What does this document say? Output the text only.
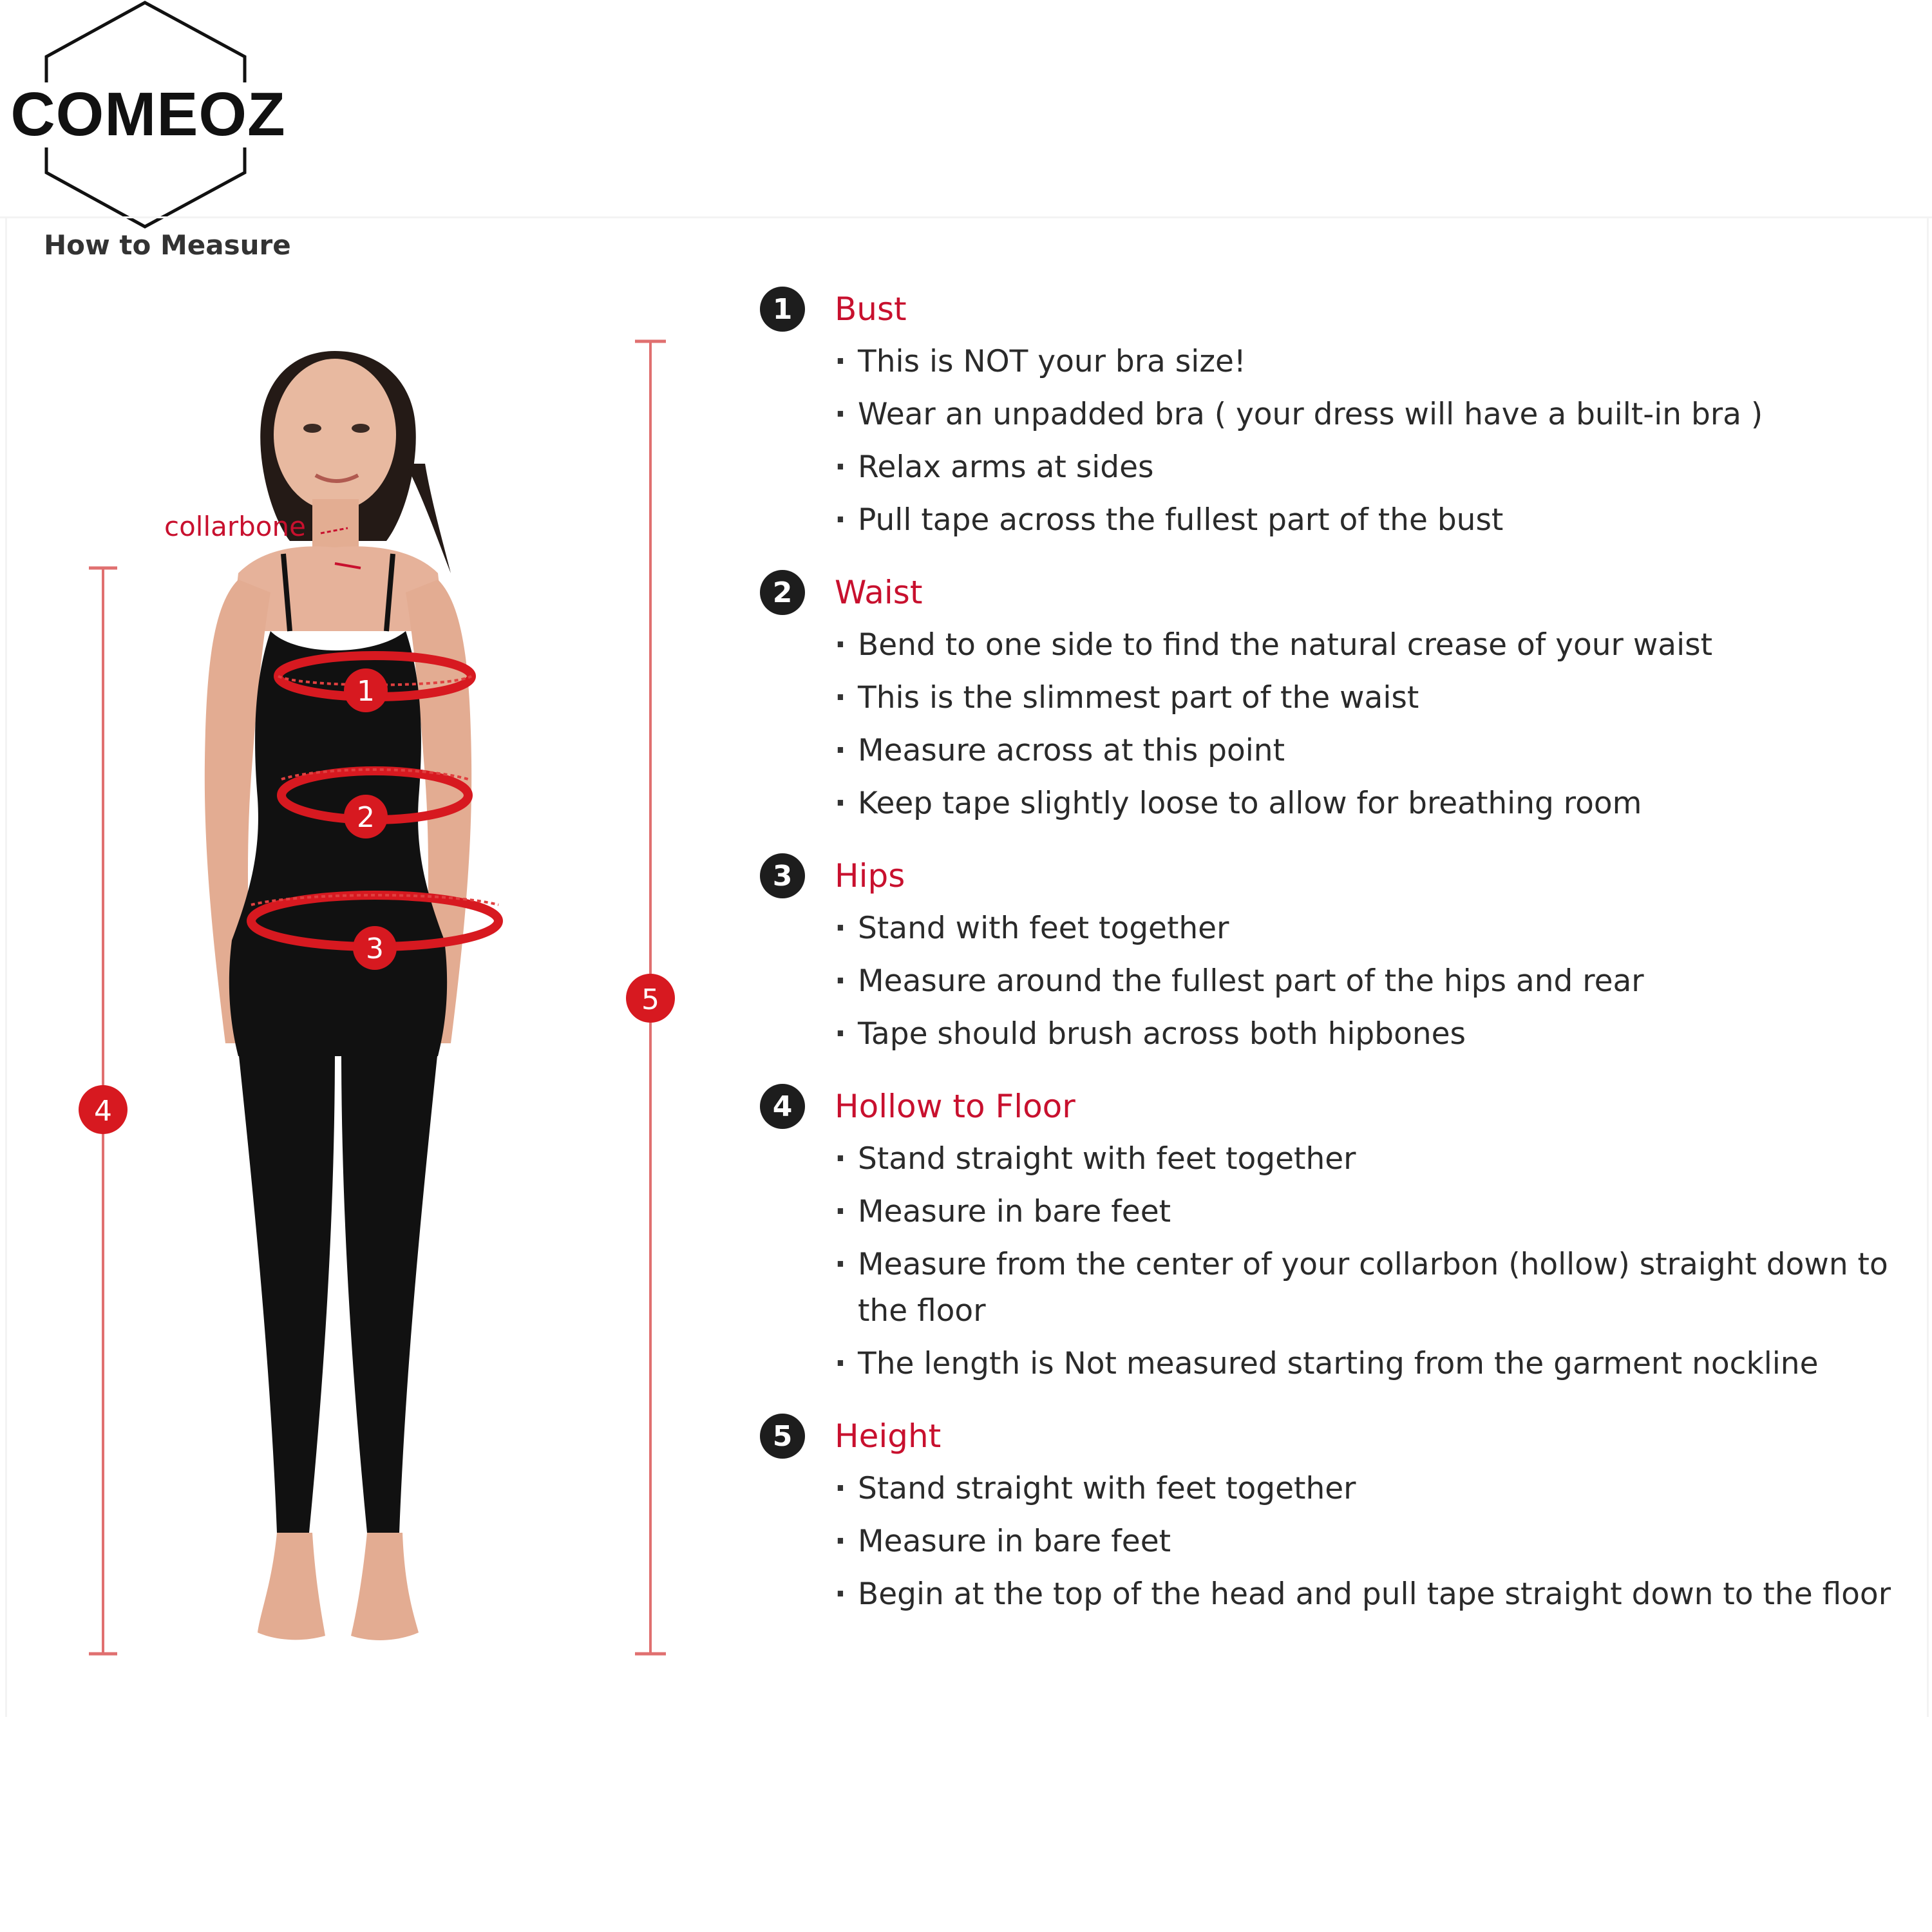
COMEOZ
How to Measure
collarbone
1
2
3
4
5
1	Bust
· This is NOT your bra size!
· Wear an unpadded bra ( your dress will have a built-in bra )
· Relax arms at sides
· Pull tape across the fullest part of the bust
2	Waist
· Bend to one side to find the natural crease of your waist
· This is the slimmest part of the waist
· Measure across at this point
· Keep tape slightly loose to allow for breathing room
3	Hips
· Stand with feet together
· Measure around the fullest part of the hips and rear
· Tape should brush across both hipbones
4	Hollow to Floor
· Stand straight with feet together
· Measure in bare feet
· Measure from the center of your collarbon (hollow) straight down to the floor
· The length is Not measured starting from the garment nockline
5	Height
· Stand straight with feet together
· Measure in bare feet
· Begin at the top of the head and pull tape straight down to the floor
